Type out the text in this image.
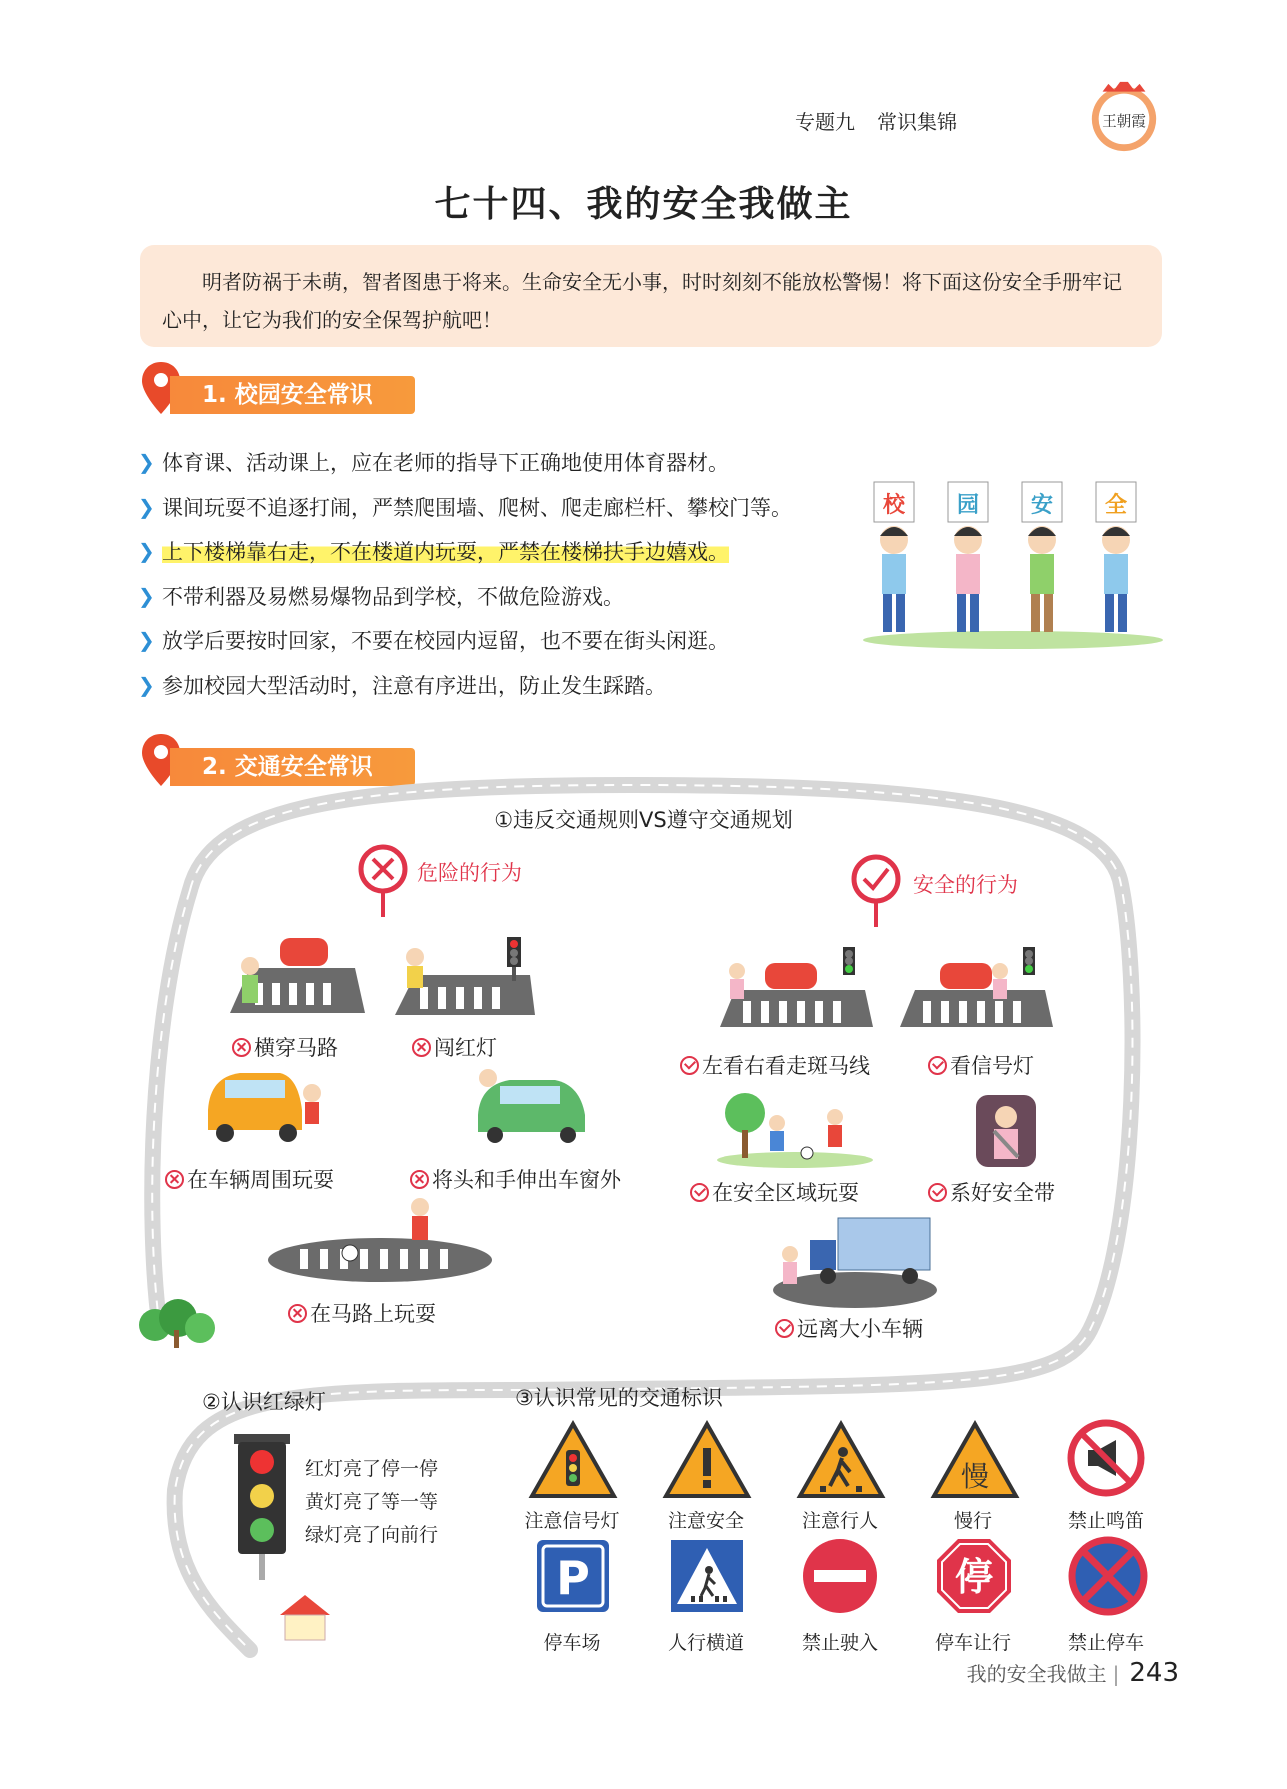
专题九 常识集锦	王朝霞
七十四、我的安全我做主
明者防祸于未萌，智者图患于将来。生命安全无小事，时时刻刻不能放松警惕！将下面这份安全手册牢记心中，让它为我们的安全保驾护航吧！
1. 校园安全常识
❯ 体育课、活动课上，应在老师的指导下正确地使用体育器材。
❯ 课间玩耍不追逐打闹，严禁爬围墙、爬树、爬走廊栏杆、攀校门等。
❯ 上下楼梯靠右走，不在楼道内玩耍，严禁在楼梯扶手边嬉戏。
❯ 不带利器及易燃易爆物品到学校，不做危险游戏。
❯ 放学后要按时回家，不要在校园内逗留，也不要在街头闲逛。
❯ 参加校园大型活动时，注意有序进出，防止发生踩踏。
校 园 安 全
2. 交通安全常识
①违反交通规则VS遵守交通规划
危险的行为	安全的行为
横穿马路	闯红灯
在车辆周围玩耍	将头和手伸出车窗外
在马路上玩耍
左看右看走斑马线	看信号灯
在安全区域玩耍	系好安全带
远离大小车辆
②认识红绿灯
红灯亮了停一停
黄灯亮了等一等
绿灯亮了向前行
③认识常见的交通标识
慢
注意信号灯	注意安全	注意行人	慢行	禁止鸣笛
P	停
停车场	人行横道	禁止驶入	停车让行	禁止停车
我的安全我做主 | 243
